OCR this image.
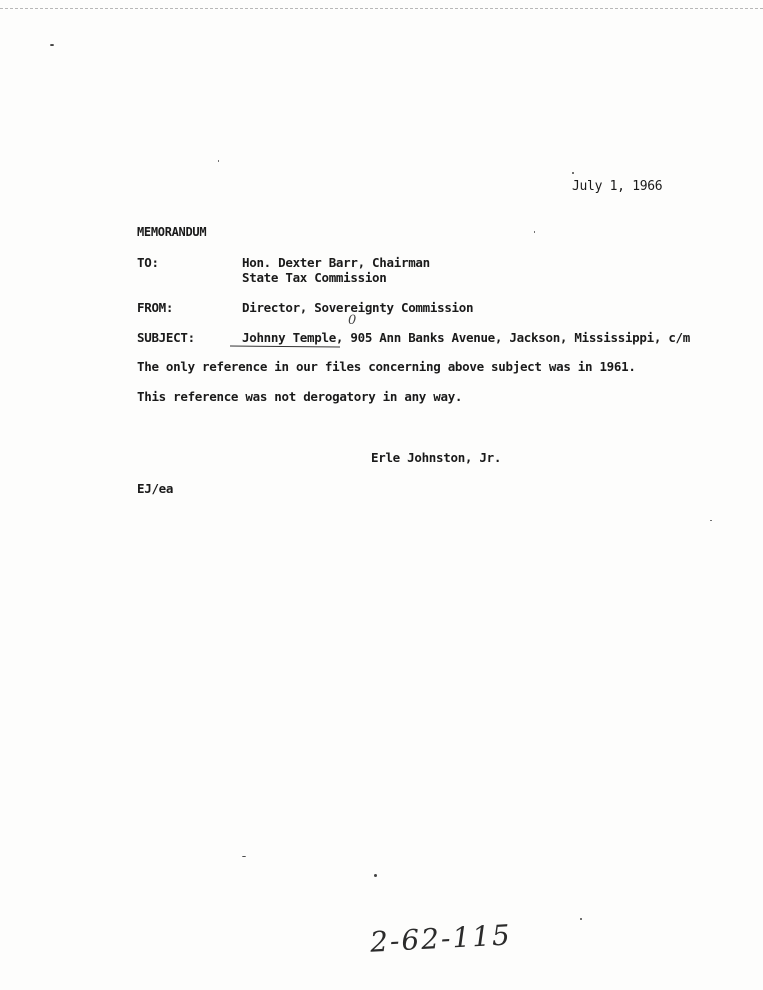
July 1, 1966
MEMORANDUM
TO:	Hon. Dexter Barr, Chairman
State Tax Commission
FROM:	Director, Sovereignty Commission
0
SUBJECT:	Johnny Temple, 905 Ann Banks Avenue, Jackson, Mississippi, c/m
The only reference in our files concerning above subject was in 1961.
This reference was not derogatory in any way.
Erle Johnston, Jr.
EJ/ea
2-62-115
